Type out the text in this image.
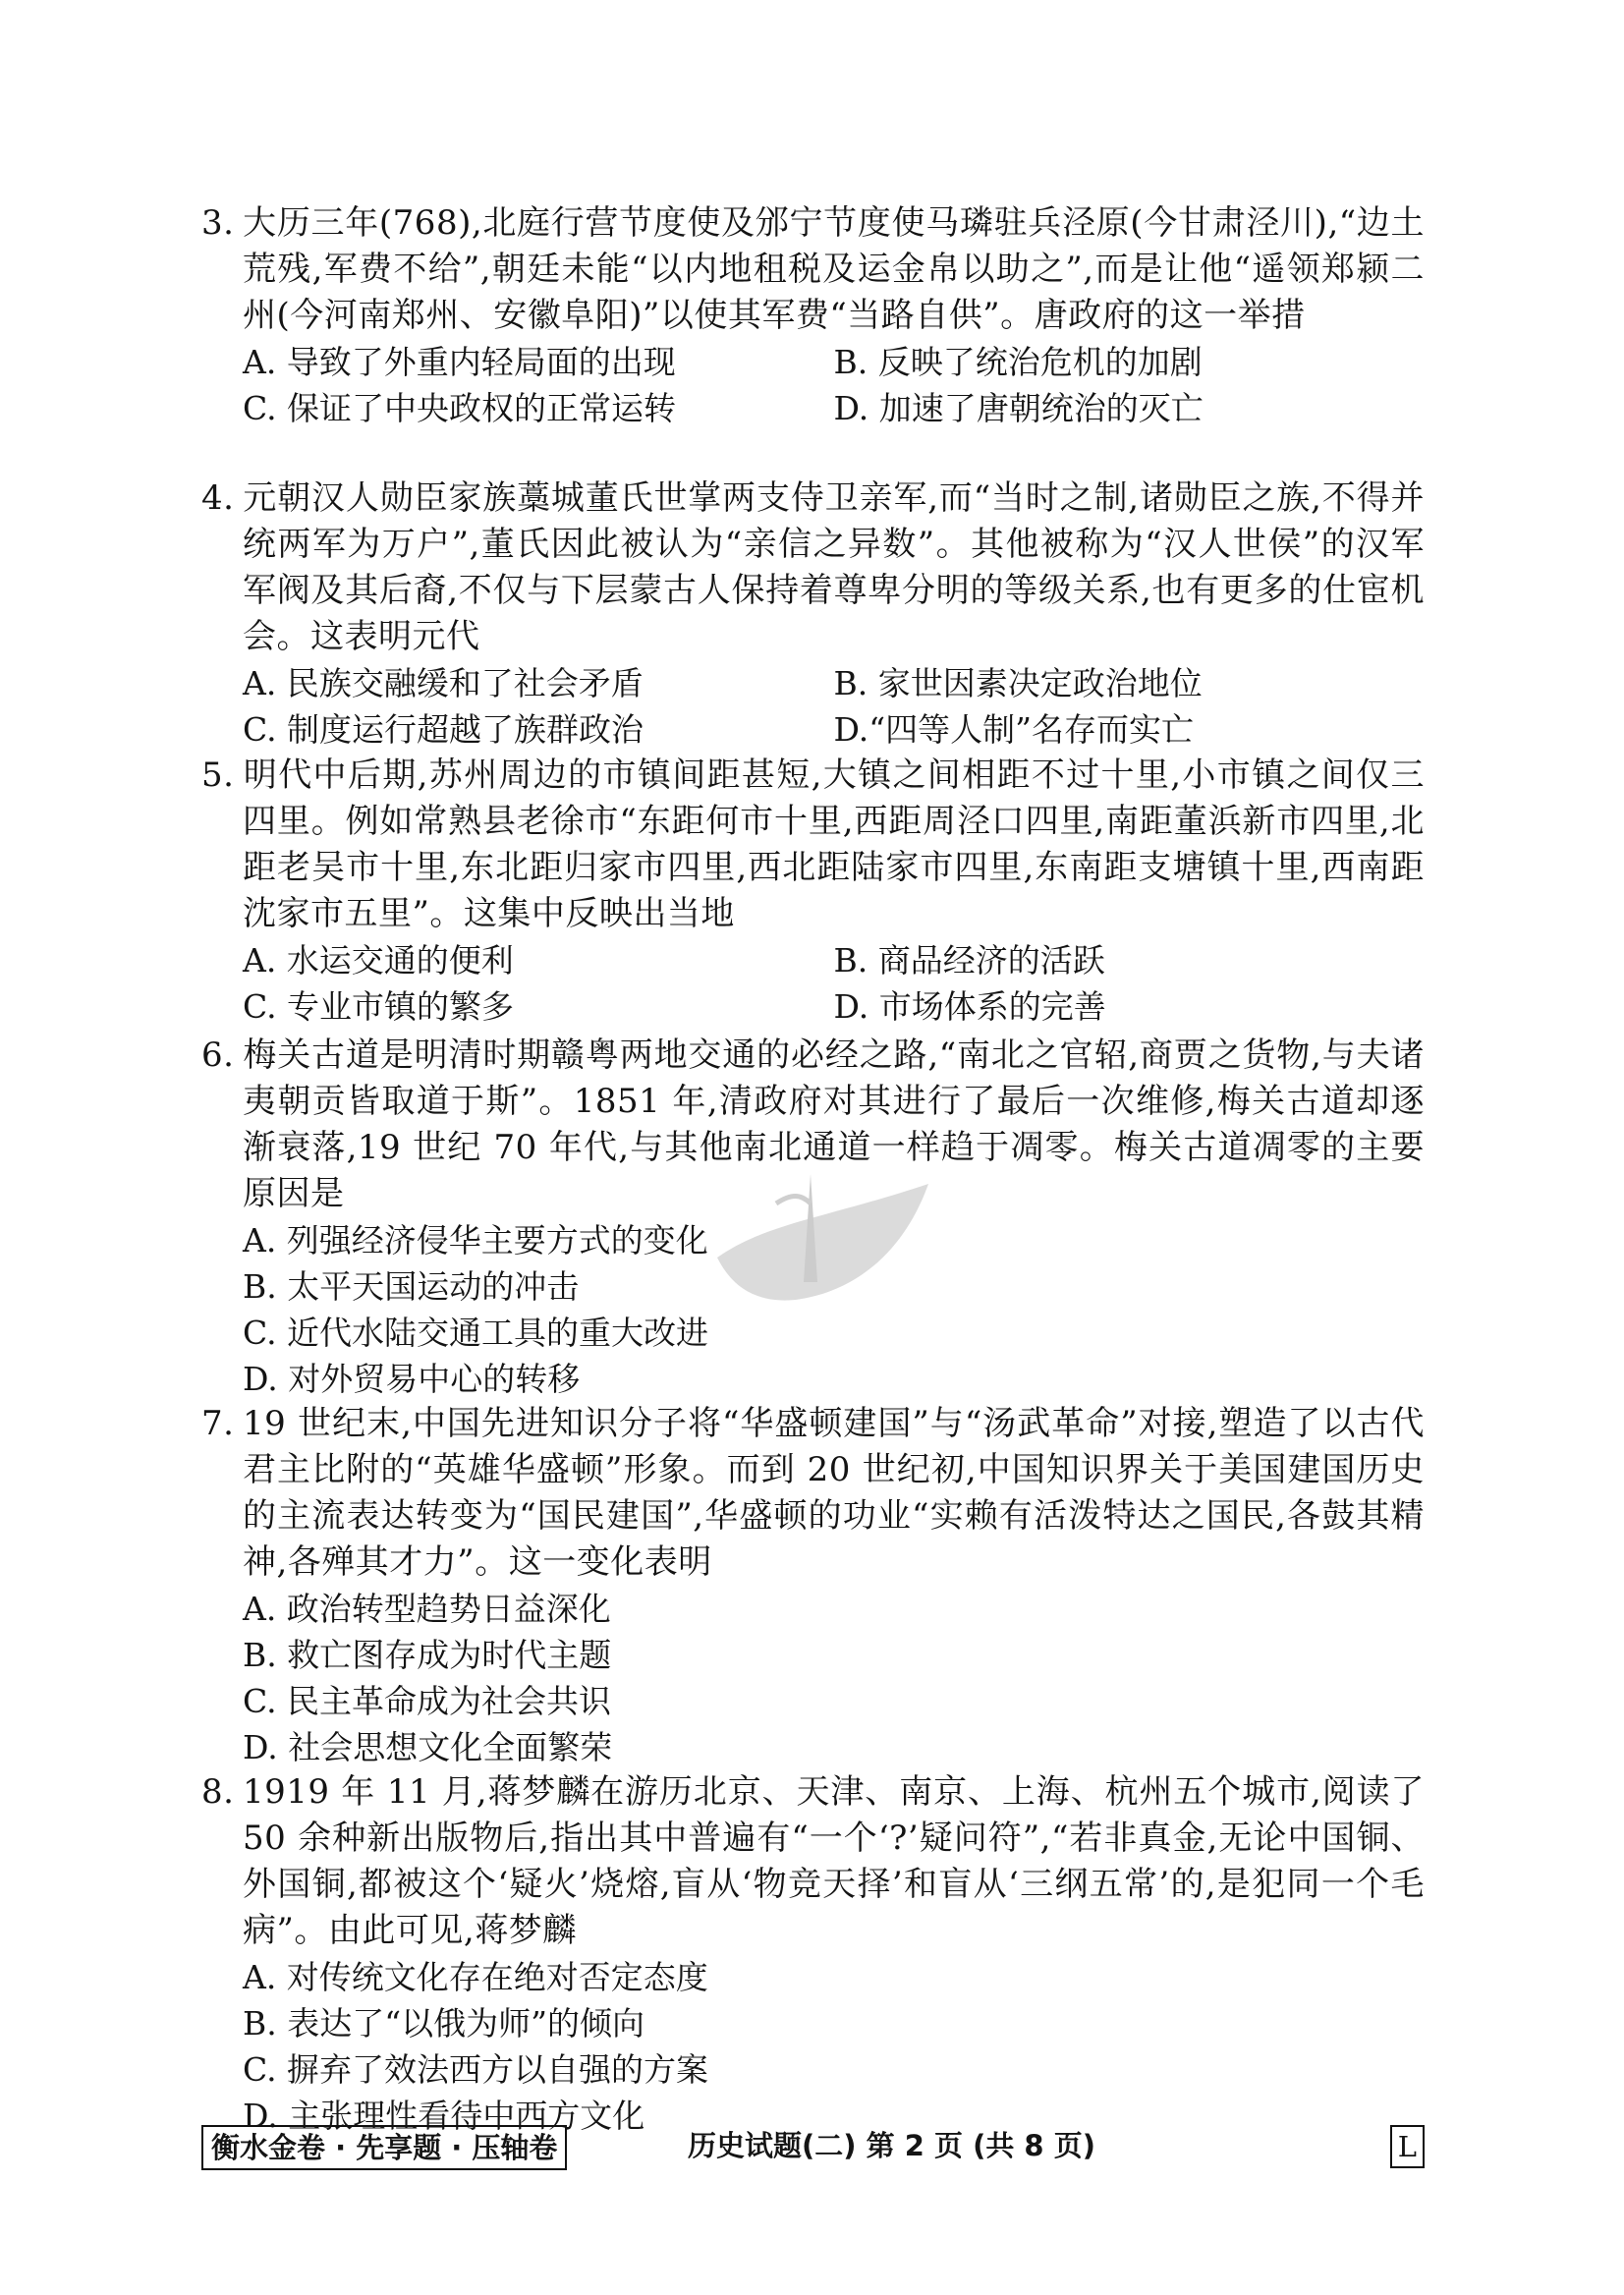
3. 大历三年(768),北庭行营节度使及邠宁节度使马璘驻兵泾原(今甘肃泾川),“边土荒残,军费不给”,朝廷未能“以内地租税及运金帛以助之”,而是让他“遥领郑颍二州(今河南郑州、安徽阜阳)”以使其军费“当路自供”。唐政府的这一举措

A. 导致了外重内轻局面的出现	B. 反映了统治危机的加剧
C. 保证了中央政权的正常运转	D. 加速了唐朝统治的灭亡

4. 元朝汉人勋臣家族藁城董氏世掌两支侍卫亲军,而“当时之制,诸勋臣之族,不得并统两军为万户”,董氏因此被认为“亲信之异数”。其他被称为“汉人世侯”的汉军军阀及其后裔,不仅与下层蒙古人保持着尊卑分明的等级关系,也有更多的仕宦机会。这表明元代

A. 民族交融缓和了社会矛盾	B. 家世因素决定政治地位
C. 制度运行超越了族群政治	D.“四等人制”名存而实亡

5. 明代中后期,苏州周边的市镇间距甚短,大镇之间相距不过十里,小市镇之间仅三四里。例如常熟县老徐市“东距何市十里,西距周泾口四里,南距董浜新市四里,北距老吴市十里,东北距归家市四里,西北距陆家市四里,东南距支塘镇十里,西南距沈家市五里”。这集中反映出当地

A. 水运交通的便利	B. 商品经济的活跃
C. 专业市镇的繁多	D. 市场体系的完善

6. 梅关古道是明清时期赣粤两地交通的必经之路,“南北之官轺,商贾之货物,与夫诸夷朝贡皆取道于斯”。1851 年,清政府对其进行了最后一次维修,梅关古道却逐渐衰落,19 世纪 70 年代,与其他南北通道一样趋于凋零。梅关古道凋零的主要原因是

A. 列强经济侵华主要方式的变化
B. 太平天国运动的冲击
C. 近代水陆交通工具的重大改进
D. 对外贸易中心的转移

7. 19 世纪末,中国先进知识分子将“华盛顿建国”与“汤武革命”对接,塑造了以古代君主比附的“英雄华盛顿”形象。而到 20 世纪初,中国知识界关于美国建国历史的主流表达转变为“国民建国”,华盛顿的功业“实赖有活泼特达之国民,各鼓其精神,各殚其才力”。这一变化表明

A. 政治转型趋势日益深化
B. 救亡图存成为时代主题
C. 民主革命成为社会共识
D. 社会思想文化全面繁荣

8. 1919 年 11 月,蒋梦麟在游历北京、天津、南京、上海、杭州五个城市,阅读了 50 余种新出版物后,指出其中普遍有“一个‘?’疑问符”,“若非真金,无论中国铜、外国铜,都被这个‘疑火’烧熔,盲从‘物竞天择’和盲从‘三纲五常’的,是犯同一个毛病”。由此可见,蒋梦麟

A. 对传统文化存在绝对否定态度
B. 表达了“以俄为师”的倾向
C. 摒弃了效法西方以自强的方案
D. 主张理性看待中西方文化
衡水金卷 · 先享题 · 压轴卷	历史试题(二) 第 2 页 (共 8 页)	L
